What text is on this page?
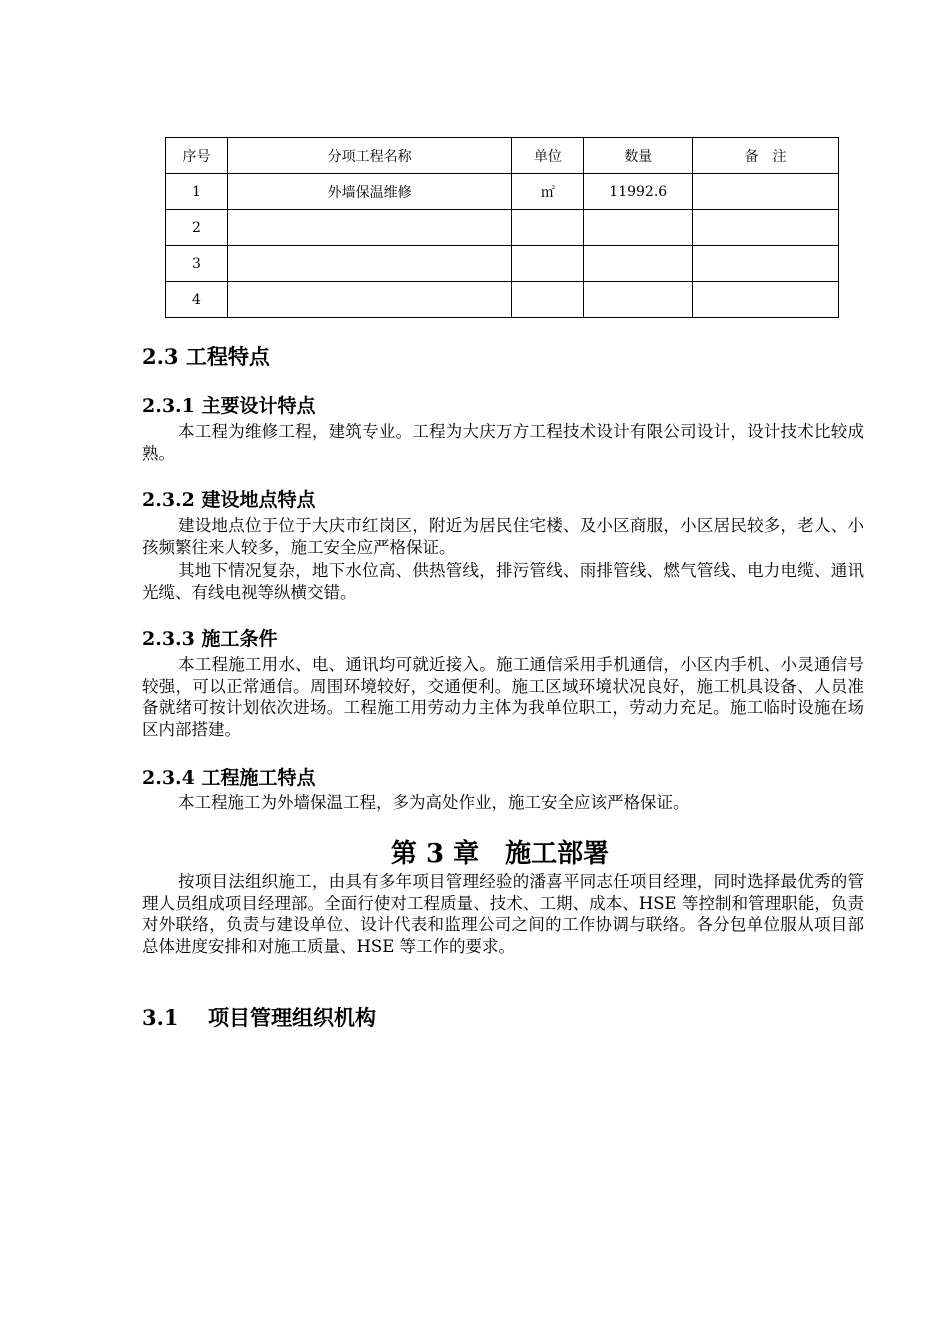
序号	分项工程名称	单位	数量	备　注
1	外墙保温维修	㎡	11992.6	
2				
3				
4				
2.3 工程特点
2.3.1 主要设计特点

本工程为维修工程，建筑专业。工程为大庆万方工程技术设计有限公司设计，设计技术比较成熟。

2.3.2 建设地点特点

建设地点位于位于大庆市红岗区，附近为居民住宅楼、及小区商服，小区居民较多，老人、小孩频繁往来人较多，施工安全应严格保证。

其地下情况复杂，地下水位高、供热管线，排污管线、雨排管线、燃气管线、电力电缆、通讯光缆、有线电视等纵横交错。

2.3.3 施工条件

本工程施工用水、电、通讯均可就近接入。施工通信采用手机通信，小区内手机、小灵通信号较强，可以正常通信。周围环境较好，交通便利。施工区域环境状况良好，施工机具设备、人员准备就绪可按计划依次进场。工程施工用劳动力主体为我单位职工，劳动力充足。施工临时设施在场区内部搭建。

2.3.4 工程施工特点

本工程施工为外墙保温工程，多为高处作业，施工安全应该严格保证。

第 3 章 施工部署

按项目法组织施工，由具有多年项目管理经验的潘喜平同志任项目经理，同时选择最优秀的管理人员组成项目经理部。全面行使对工程质量、技术、工期、成本、HSE 等控制和管理职能，负责对外联络，负责与建设单位、设计代表和监理公司之间的工作协调与联络。各分包单位服从项目部总体进度安排和对施工质量、HSE 等工作的要求。

3.1 项目管理组织机构
